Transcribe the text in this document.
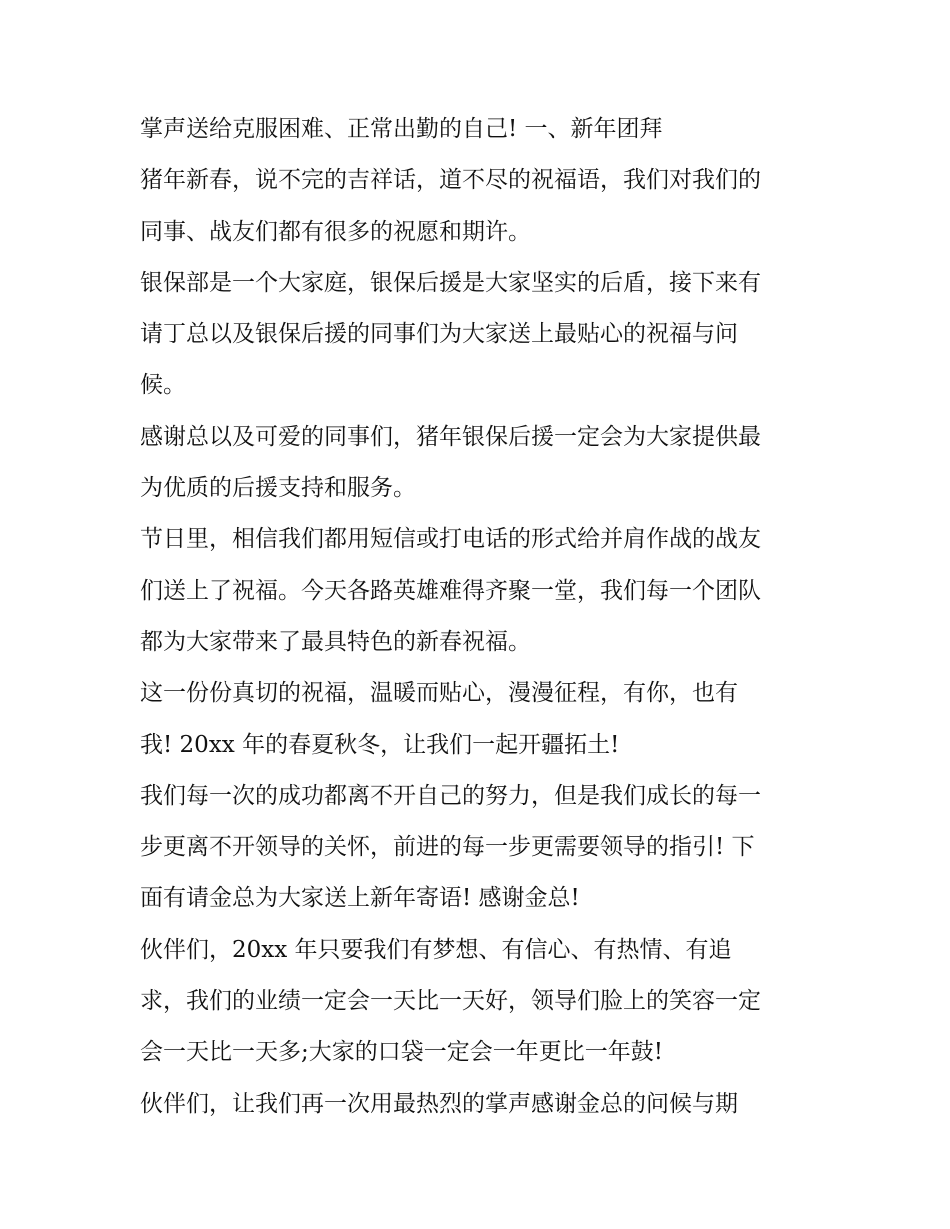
掌声送给克服困难、正常出勤的自己! 一、新年团拜
猪年新春，说不完的吉祥话，道不尽的祝福语，我们对我们的
同事、战友们都有很多的祝愿和期许。
银保部是一个大家庭，银保后援是大家坚实的后盾，接下来有
请丁总以及银保后援的同事们为大家送上最贴心的祝福与问
候。
感谢总以及可爱的同事们，猪年银保后援一定会为大家提供最
为优质的后援支持和服务。
节日里，相信我们都用短信或打电话的形式给并肩作战的战友
们送上了祝福。今天各路英雄难得齐聚一堂，我们每一个团队
都为大家带来了最具特色的新春祝福。
这一份份真切的祝福，温暖而贴心，漫漫征程，有你，也有
我! 20xx 年的春夏秋冬，让我们一起开疆拓土!
我们每一次的成功都离不开自己的努力，但是我们成长的每一
步更离不开领导的关怀，前进的每一步更需要领导的指引! 下
面有请金总为大家送上新年寄语! 感谢金总!
伙伴们，20xx 年只要我们有梦想、有信心、有热情、有追
求，我们的业绩一定会一天比一天好，领导们脸上的笑容一定
会一天比一天多;大家的口袋一定会一年更比一年鼓!
伙伴们，让我们再一次用最热烈的掌声感谢金总的问候与期
